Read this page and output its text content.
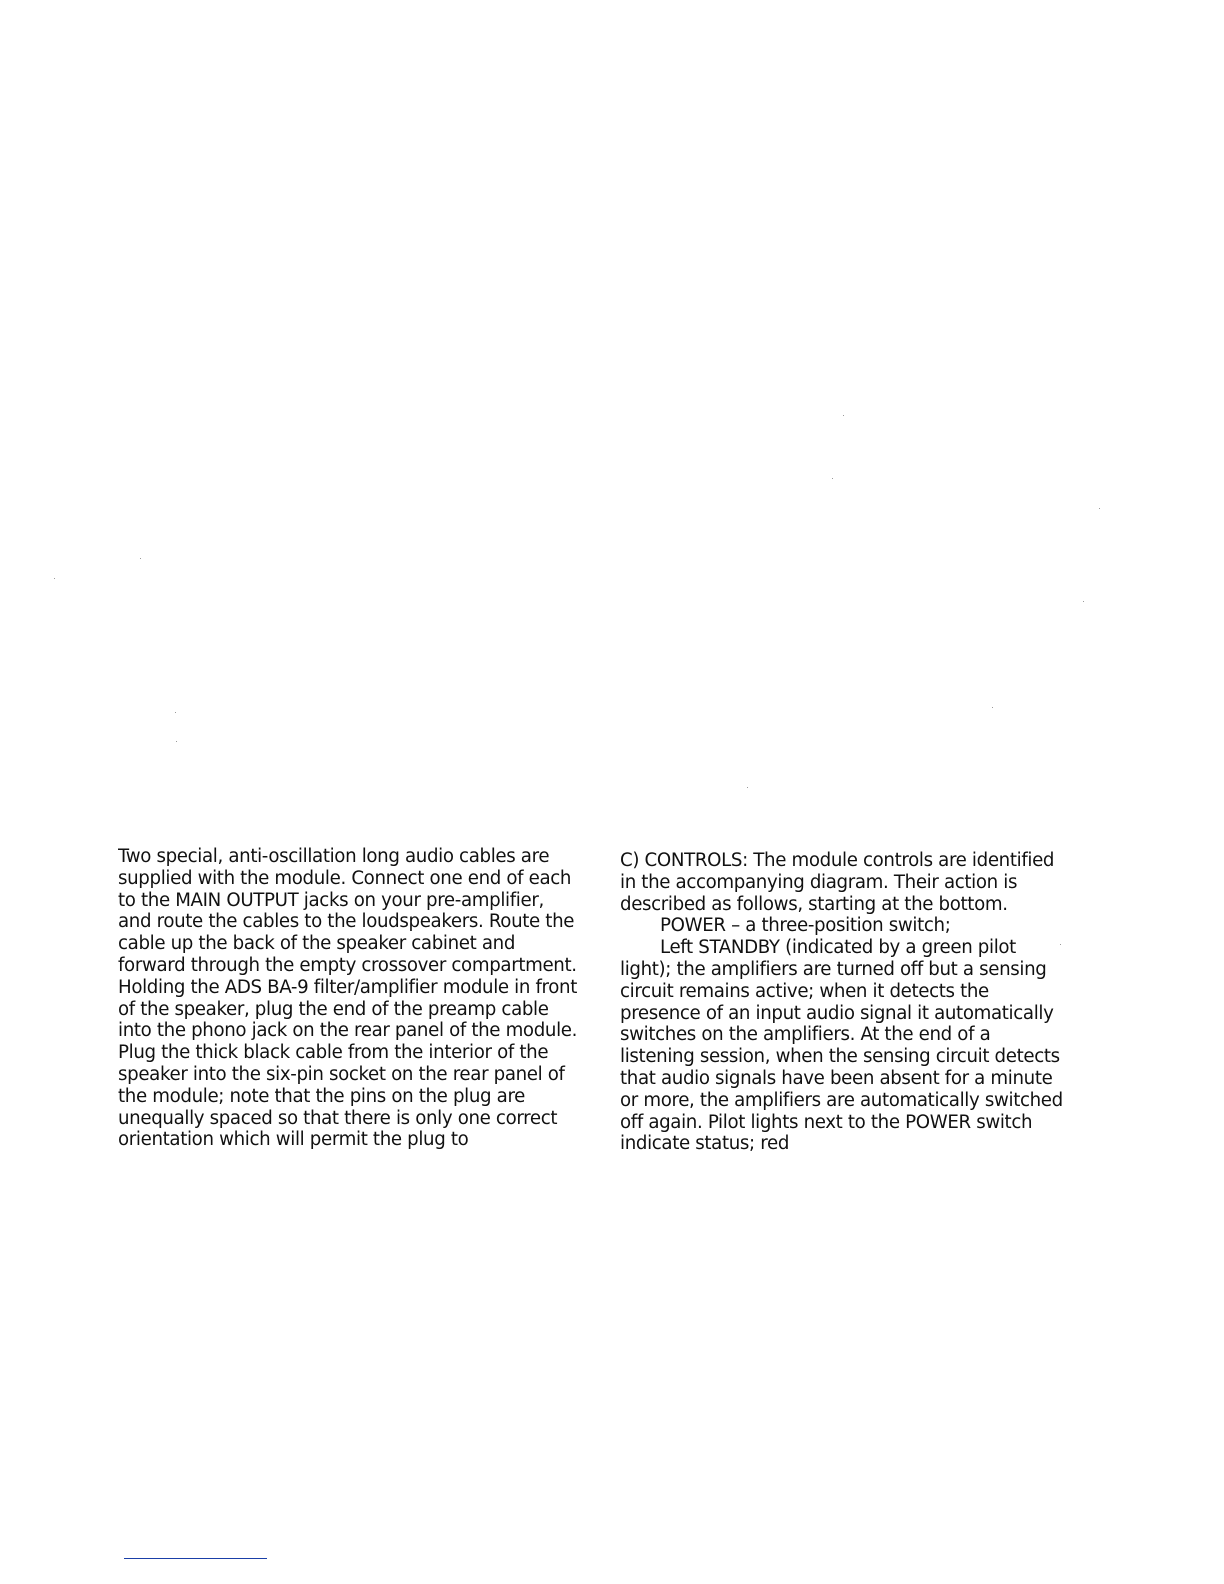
Two special, anti-oscillation long audio cables are supplied with the module. Connect one end of each to the MAIN OUTPUT jacks on your pre-amplifier, and route the cables to the loudspeakers. Route the cable up the back of the speaker cabinet and forward through the empty crossover compartment. Holding the ADS BA-9 filter/amplifier module in front of the speaker, plug the end of the preamp cable into the phono jack on the rear panel of the module. Plug the thick black cable from the interior of the speaker into the six-pin socket on the rear panel of the module; note that the pins on the plug are unequally spaced so that there is only one correct orientation which will permit the plug to

C) CONTROLS: The module controls are identified in the accompanying diagram. Their action is described as follows, starting at the bottom.

POWER – a three-position switch;

Left STANDBY (indicated by a green pilot light); the amplifiers are turned off but a sensing circuit remains active; when it detects the presence of an input audio signal it automatically switches on the amplifiers. At the end of a listening session, when the sensing circuit detects that audio signals have been absent for a minute or more, the amplifiers are automatically switched off again. Pilot lights next to the POWER switch indicate status; red
